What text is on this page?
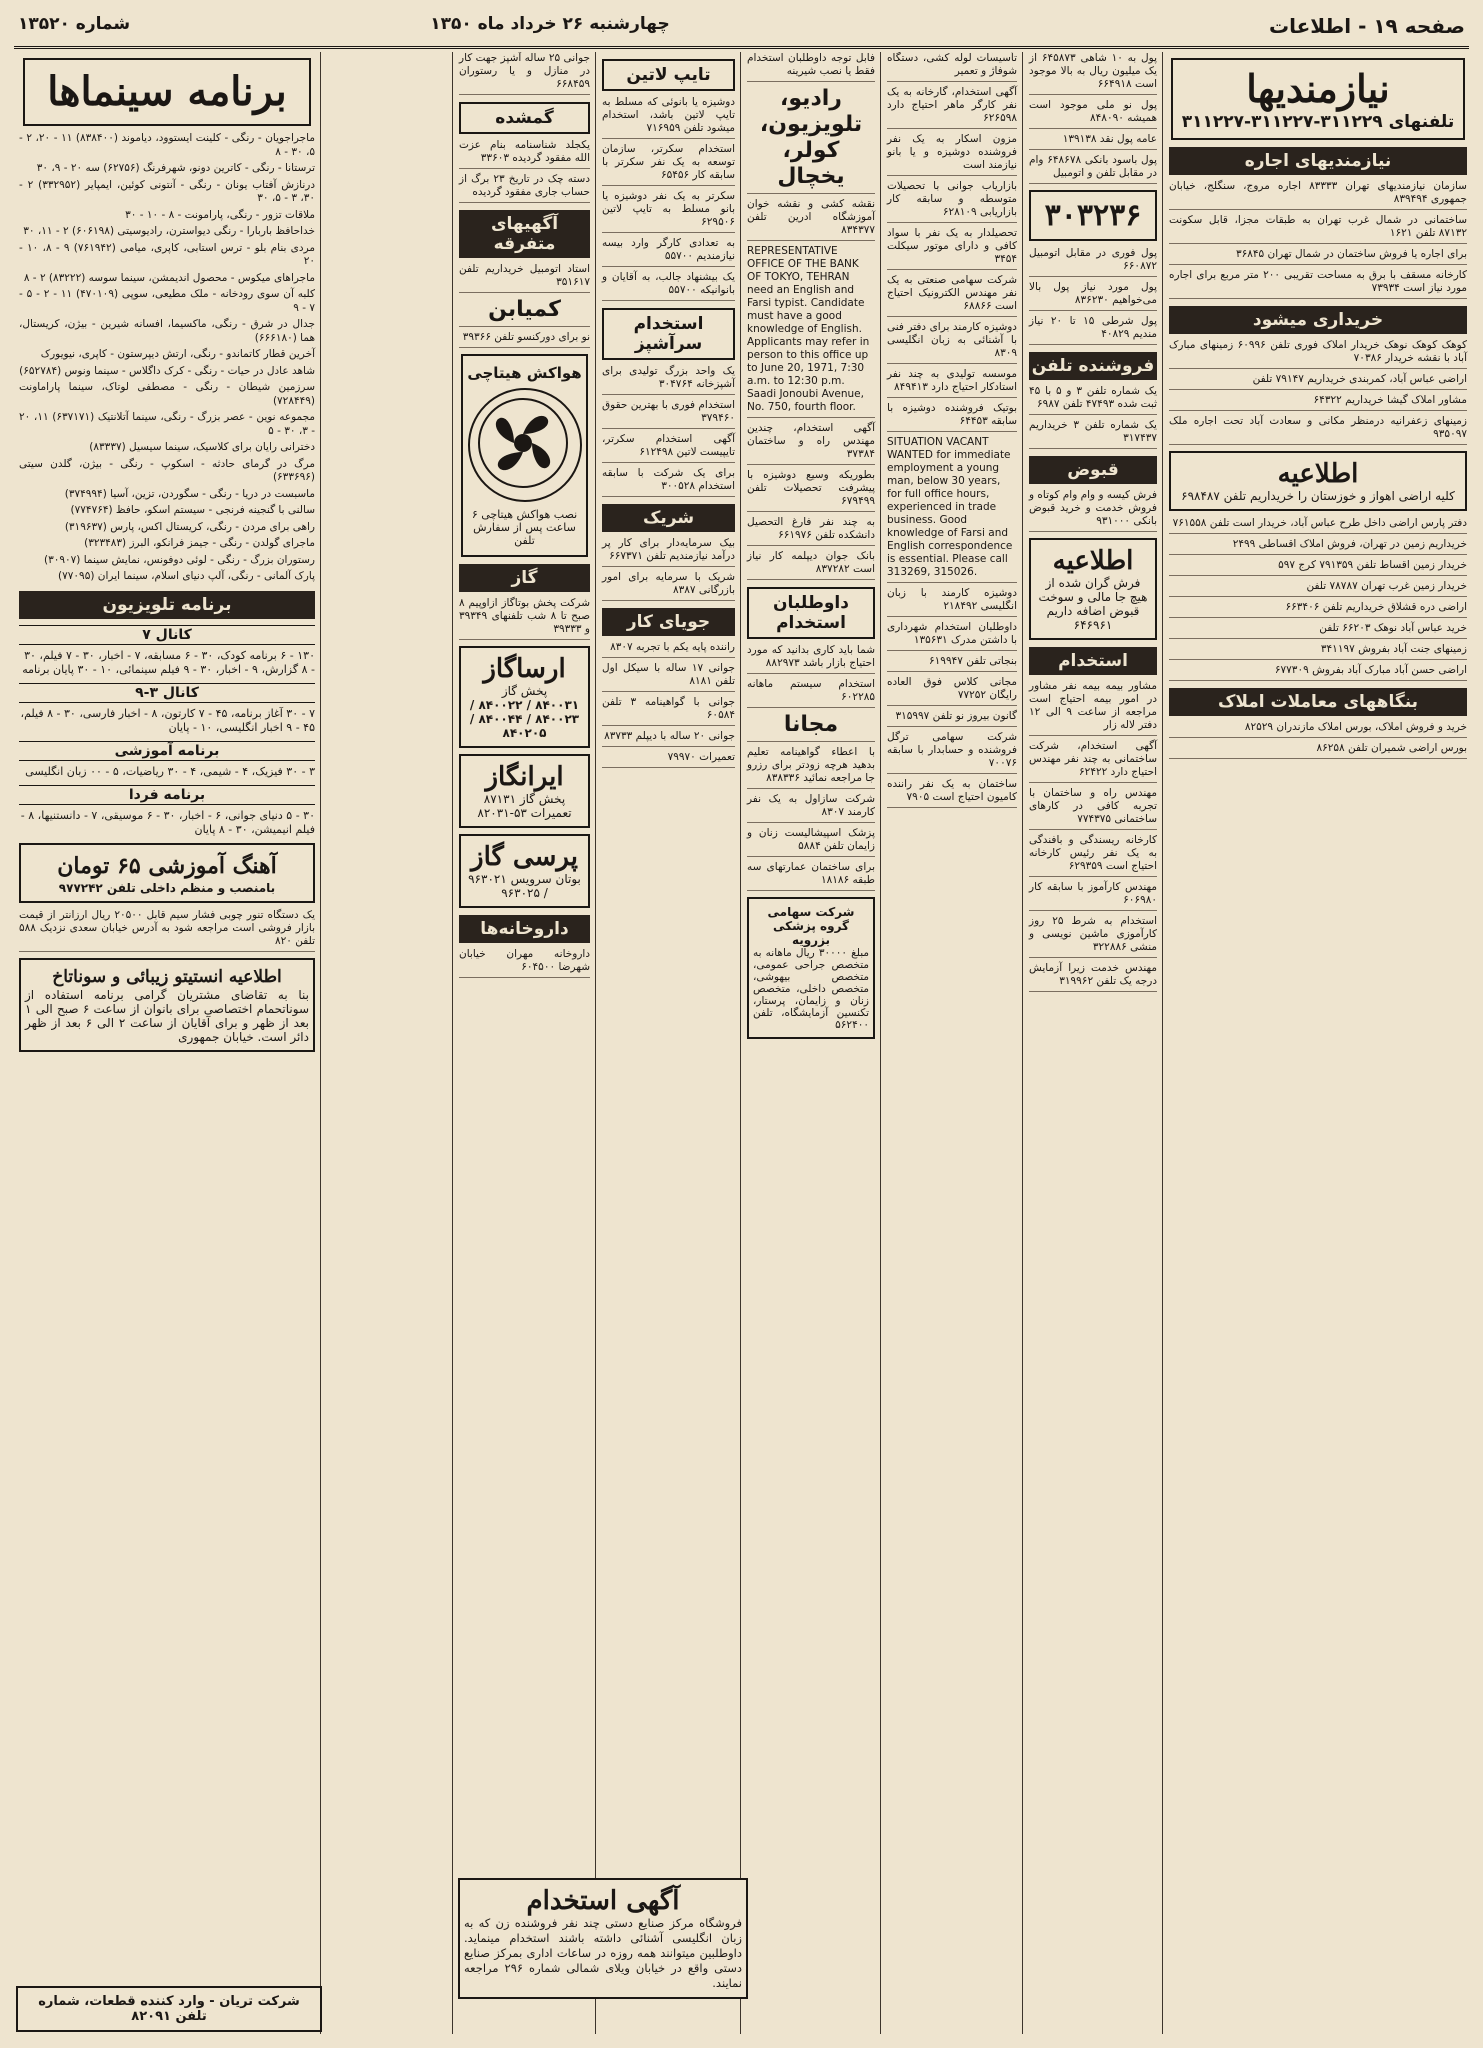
صفحه ۱۹ - اطلاعات
چهارشنبه ۲۶ خرداد ماه ۱۳۵۰
شماره ۱۳۵۲۰
نیازمندیها
تلفنهای ۳۱۱۲۲۹-۳۱۱۲۲۷-۳۱۱۲۲۷
نیازمندیهای اجاره
سازمان نیازمندیهای تهران ۸۳۳۳۳ اجاره مروج، سنگلج، خیابان جمهوری ۸۳۹۴۹۴
ساختمانی در شمال غرب تهران به طبقات مجزا، قابل سکونت ۸۷۱۳۲ تلفن ۱۶۲۱
برای اجاره یا فروش ساختمان در شمال تهران ۳۶۸۴۵
کارخانه مسقف با برق به مساحت تقریبی ۲۰۰ متر مربع برای اجاره مورد نیاز است ۷۳۹۳۴
خریداری میشود
کوهک کوهک نوهک خریدار املاک فوری تلفن ۶۰۹۹۶ زمینهای مبارک آباد با نقشه خریدار ۷۰۳۸۶
اراضی عباس آباد، کمربندی خریداریم ۷۹۱۴۷ تلفن
مشاور املاک گیشا خریداریم ۶۴۳۲۲
زمینهای زعفرانیه درمنظر مکانی و سعادت آباد تحت اجاره ملک ۹۳۵۰۹۷
اطلاعیه
کلیه اراضی اهواز و خوزستان را خریداریم تلفن ۶۹۸۴۸۷
دفتر پارس اراضی داخل طرح عباس آباد، خریدار است تلفن ۷۶۱۵۵۸
خریداریم زمین در تهران، فروش املاک اقساطی ۲۴۹۹
خریدار زمین اقساط تلفن ۷۹۱۳۵۹ کرج ۵۹۷
خریدار زمین غرب تهران ۷۸۷۸۷ تلفن
اراضی دره قشلاق خریداریم تلفن ۶۶۳۴۰۶
خرید عباس آباد نوهک ۶۶۲۰۳ تلفن
زمینهای جنت آباد بفروش ۳۴۱۱۹۷
اراضی حسن آباد مبارک آباد بفروش ۶۷۷۳۰۹
بنگاههای معاملات املاک
خرید و فروش املاک، بورس املاک مازندران ۸۲۵۲۹
بورس اراضی شمیران تلفن ۸۶۲۵۸
پول به ۱۰ شاهی ۶۴۵۸۷۳ از یک میلیون ریال به بالا موجود است ۶۶۴۹۱۸
پول نو ملی موجود است همیشه ۸۴۸۰۹۰
عامه پول نقد ۱۳۹۱۳۸
پول باسود بانکی ۶۴۸۶۷۸ وام در مقابل تلفن و اتومبیل
۳۰۳۲۳۶
پول فوری در مقابل اتومبیل ۶۶۰۸۷۲
پول مورد نیاز پول بالا می‌خواهیم ۸۳۶۲۳۰
پول شرطی ۱۵ تا ۲۰ نیاز مندیم ۴۰۸۲۹
فروشنده تلفن
یک شماره تلفن ۳ و ۵ با ۴۵ ثبت شده ۴۷۴۹۳ تلفن ۶۹۸۷
یک شماره تلفن ۳ خریداریم ۳۱۷۴۳۷
قبوض
فرش کیسه و وام وام کوتاه و فروش خدمت و خرید قبوض بانکی ۹۳۱۰۰۰
اطلاعیه
فرش گران شده از هیچ جا مالی و سوخت قبوض اضافه داریم ۶۴۶۹۶۱
استخدام
مشاور بیمه بیمه نفر مشاور در امور بیمه احتیاج است مراجعه از ساعت ۹ الی ۱۲ دفتر لاله زار
آگهی استخدام، شرکت ساختمانی به چند نفر مهندس احتیاج دارد ۶۲۴۲۲
مهندس راه و ساختمان با تجربه کافی در کارهای ساختمانی ۷۷۴۳۷۵
کارخانه ریسندگی و بافندگی به یک نفر رئیس کارخانه احتیاج است ۶۲۹۳۵۹
مهندس کارآموز با سابقه کار ۶۰۶۹۸۰
استخدام به شرط ۲۵ روز کارآموزی ماشین نویسی و منشی ۳۲۲۸۸۶
مهندس خدمت زیرا آزمایش درجه یک تلفن ۳۱۹۹۶۲
تأسیسات لوله کشی، دستگاه شوفاژ و تعمیر
آگهی استخدام، گارخانه به یک نفر کارگر ماهر احتیاج دارد ۶۲۶۵۹۸
مزون اسکار به یک نفر فروشنده دوشیزه و یا بانو نیازمند است
بازاریاب جوانی با تحصیلات متوسطه و سابقه کار بازاریابی ۶۲۸۱۰۹
تحصیلدار به یک نفر با سواد کافی و دارای موتور سیکلت ۳۴۵۴
شرکت سهامی صنعتی به یک نفر مهندس الکترونیک احتیاج است ۶۸۸۶۶
دوشیزه کارمند برای دفتر فنی با آشنائی به زبان انگلیسی ۸۳۰۹
موسسه تولیدی به چند نفر استادکار احتیاج دارد ۸۴۹۴۱۳
بوتیک فروشنده دوشیزه با سابقه ۶۴۴۵۳
SITUATION VACANT WANTED for immediate employment a young man, below 30 years, for full office hours, experienced in trade business. Good knowledge of Farsi and English correspondence is essential. Please call 313269, 315026.
دوشیزه کارمند با زبان انگلیسی ۲۱۸۴۹۲
داوطلبان استخدام شهرداری با داشتن مدرک ۱۳۵۶۳۱
بنجاتی تلفن ۶۱۹۹۴۷
مجانی کلاس فوق العاده رایگان ۷۷۲۵۲
گانون بیروز نو تلفن ۳۱۵۹۹۷
شرکت سهامی ترگل فروشنده و حسابدار با سابقه ۷۰۰۷۶
ساختمان به یک نفر راننده کامیون احتیاج است ۷۹۰۵
فابل توجه داوطلبان استخدام فقط یا نصب شیرینه
رادیو، تلویزیون، کولر، یخچال
نقشه کشی و نقشه خوان آموزشگاه ادرین تلفن ۸۳۴۳۷۷
REPRESENTATIVE OFFICE OF THE BANK OF TOKYO, TEHRAN need an English and Farsi typist. Candidate must have a good knowledge of English. Applicants may refer in person to this office up to June 20, 1971, 7:30 a.m. to 12:30 p.m. Saadi Jonoubi Avenue, No. 750, fourth floor.
آگهی استخدام، چندین مهندس راه و ساختمان ۳۷۳۸۴
بطوریکه وسیع دوشیزه با پیشرفت تحصیلات تلفن ۶۷۹۴۹۹
به چند نفر فارغ التحصیل دانشکده تلفن ۶۶۱۹۷۶
بانک جوان دیپلمه کار نیاز است ۸۳۷۲۸۲
داوطلبان استخدام
شما باید کاری بدانید که مورد احتیاج بازار باشد ۸۸۲۹۷۳
استخدام سیستم ماهانه ۶۰۲۲۸۵
مجانا
با اعطاء گواهینامه تعلیم بدهید هرچه زودتر برای رزرو جا مراجعه نمائید ۸۳۸۳۳۶
شرکت سازاول به یک نفر کارمند ۸۳۰۷
پزشک اسپیشالیست زنان و زایمان تلفن ۵۸۸۴
برای ساختمان عمارتهای سه طبقه ۱۸۱۸۶
شرکت سهامی گروه پزشکی بزرویه
مبلغ ۳۰۰۰۰ ریال ماهانه به متخصص جراحی عمومی، متخصص بیهوشی، متخصص داخلی، متخصص زنان و زایمان، پرستار، تکنسین آزمایشگاه، تلفن ۵۶۲۴۰۰
تایپ لاتین
دوشیزه یا بانوئی که مسلط به تایپ لاتین باشد، استخدام میشود تلفن ۷۱۶۹۵۹
استخدام سکرتر، سازمان توسعه به یک نفر سکرتر با سابقه کار ۶۵۴۵۶
سکرتر به یک نفر دوشیزه یا بانو مسلط به تایپ لاتین ۶۲۹۵۰۶
به تعدادی کارگر وارد بیسه نیازمندیم ۵۵۷۰۰
یک بیشنهاد جالب، به آقایان و بانوانیکه ۵۵۷۰۰
استخدام سرآشپز
یک واحد بزرگ تولیدی برای آشپزخانه ۳۰۴۷۶۴
استخدام فوری با بهترین حقوق ۳۷۹۴۶۰
آگهی استخدام سکرتر، تایپیست لاتین ۶۱۲۴۹۸
برای یک شرکت با سابقه استخدام ۳۰۰۵۲۸
شریک
بیک سرمایه‌دار برای کار پر درآمد نیازمندیم تلفن ۶۶۷۳۷۱
شریک با سرمایه برای امور بازرگانی ۸۳۸۷
جویای کار
راننده پایه یکم با تجربه ۸۳۰۷
جوانی ۱۷ ساله با سیکل اول تلفن ۸۱۸۱
جوانی با گواهینامه ۳ تلفن ۶۰۵۸۴
جوانی ۲۰ ساله با دیپلم ۸۳۷۳۳
تعمیرات ۷۹۹۷۰
جوانی ۲۵ ساله آشپز جهت کار در منازل و یا رستوران ۶۶۸۴۵۹
گمشده
یکجلد شناسنامه بنام عزت الله مفقود گردیده ۳۳۶۰۳
دسته چک در تاریخ ۲۳ برگ از حساب جاری مفقود گردیده
آگهیهای متفرقه
استاد اتومبیل خریداریم تلفن ۳۵۱۶۱۷
کمیابن
نو برای دورکنسو تلفن ۳۹۳۶۶
هواکش هیتاچی
نصب هواکش هیتاچی ۶ ساعت پس از سفارش تلفن
گاز
شرکت پخش بوتاگاز ازاوپیم ۸ صبح تا ۸ شب تلفنهای ۳۹۳۴۹ و ۳۹۳۳۳
ارساگاز
پخش گاز
۸۴۰۰۳۱ / ۸۴۰۰۲۲ / ۸۴۰۰۲۳ / ۸۴۰۰۴۴ / ۸۴۰۲۰۵
ایرانگاز
پخش گاز ۸۷۱۳۱ تعمیرات ۵۳-۸۲۰۳۱
پرسی گاز
بوتان سرویس ۹۶۳۰۲۱ / ۹۶۳۰۲۵
داروخانه‌ها
داروخانه مهران خیابان شهرضا ۶۰۴۵۰۰
آگهی استخدام
فروشگاه مرکز صنایع دستی چند نفر فروشنده زن که به زبان انگلیسی آشنائی داشته باشند استخدام مینماید. داوطلبین میتوانند همه روزه در ساعات اداری بمرکز صنایع دستی واقع در خیابان ویلای شمالی شماره ۲۹۶ مراجعه نمایند.
برنامه سینماها

ماجراجویان - رنگی - کلینت ایستوود، دیاموند (۸۳۸۴۰۰) ۱۱ - ۲۰، ۲ - ۵، ۳۰ - ۸

ترستانا - رنگی - کاترین دونو، شهرفرنگ (۶۲۷۵۶) سه ۲۰ - ۹، ۳۰

درنازش آفتاب یونان - رنگی - آنتونی کوئین، ایمپایر (۳۳۲۹۵۲) ۲ - ۳۰، ۳ - ۵، ۳۰

ملاقات تزور - رنگی، پارامونت - ۸ - ۱۰ - ۳۰

خداحافظ باربارا - رنگی دیواسترن، رادیوسیتی (۶۰۶۱۹۸) ۲ - ۱۱، ۳۰

مردی بنام بلو - ترس استابی، کاپری، میامی (۷۶۱۹۴۲) ۹ - ۸، ۱۰ - ۲۰

ماجراهای میکوس - محصول اندیمشن، سینما سوسه (۸۳۲۲۲) ۲ - ۸

کلبه آن سوی رودخانه - ملک مطیعی، سوپی (۴۷۰۱۰۹) ۱۱ - ۲ - ۵ - ۷ - ۹

جدال در شرق - رنگی، ماکسیما، افسانه شیرین - بیژن، کریستال، هما (۶۶۶۱۸۰)

آخرین قطار کاتماندو - رنگی، ارتش دیپرستون - کاپری، نیویورک

شاهد عادل در حیات - رنگی - کرک داگلاس - سینما ونوس (۶۵۲۷۸۴)

سرزمین شیطان - رنگی - مصطفی لوتاک، سینما پاراماونت (۷۲۸۴۴۹)

مجموعه نوین - عصر بزرگ - رنگی، سینما آتلانتیک (۶۳۷۱۷۱) ۱۱، ۲۰ - ۳، ۳۰ - ۵

دخترانی رایان برای کلاسیک، سینما سیسیل (۸۳۳۳۷)

مرگ در گرمای حادثه - اسکوپ - رنگی - بیژن، گلدن سیتی (۶۳۳۶۹۶)

ماسبست در دریا - رنگی - سگوردن، تزین، آسیا (۳۷۴۹۹۴)

سالنی با گنجینه فرنجی - سیستم اسکو، حافظ (۷۷۴۷۶۴)

راهی برای مردن - رنگی، کریستال اکس، پارس (۳۱۹۶۳۷)

ماجرای گولدن - رنگی - جیمز فرانکو، البرز (۳۲۳۴۸۳)

رستوران بزرگ - رنگی - لوئی دوفونس، نمایش سینما (۳۰۹۰۷)

پارک آلمانی - رنگی، آلپ دنیای اسلام، سینما ایران (۷۷۰۹۵)

برنامه تلویزیون
کانال ۷

۱۳۰ - ۶ برنامه کودک، ۳۰ - ۶ مسابقه، ۷ - اخبار، ۳۰ - ۷ فیلم، ۳۰ - ۸ گزارش، ۹ - اخبار، ۳۰ - ۹ فیلم سینمائی، ۱۰ - ۳۰ پایان برنامه

کانال ۳-۹

۷ - ۳۰ آغاز برنامه، ۴۵ - ۷ کارتون، ۸ - اخبار فارسی، ۳۰ - ۸ فیلم، ۴۵ - ۹ اخبار انگلیسی، ۱۰ - پایان

برنامه آموزشی

۳ - ۳۰ فیزیک، ۴ - شیمی، ۴ - ۳۰ ریاضیات، ۵ - ۰۰ زبان انگلیسی

برنامه فردا

۳۰ - ۵ دنیای جوانی، ۶ - اخبار، ۳۰ - ۶ موسیقی، ۷ - دانستنیها، ۸ - فیلم انیمیشن، ۳۰ - ۸ پایان

آهنگ آموزشی ۶۵ تومان
بامنصب و منظم داخلی تلفن ۹۷۷۲۴۲
یک دستگاه تنور چوبی فشار سیم قابل ۲۰۵۰۰ ریال ارزانتر از قیمت بازار فروشی است مراجعه شود به آدرس خیابان سعدی نزدیک ۵۸۸ تلفن ۸۲۰
اطلاعیه انستیتو زیبائی و سوناتاخ
بنا به تقاضای مشتریان گرامی برنامه استفاده از سوناتحمام اختصاصی برای بانوان از ساعت ۶ صبح الی ۱ بعد از ظهر و برای آقایان از ساعت ۲ الی ۶ بعد از ظهر دائر است. خیابان جمهوری
شرکت تریان - وارد کننده قطعات، شماره تلفن ۸۲۰۹۱
